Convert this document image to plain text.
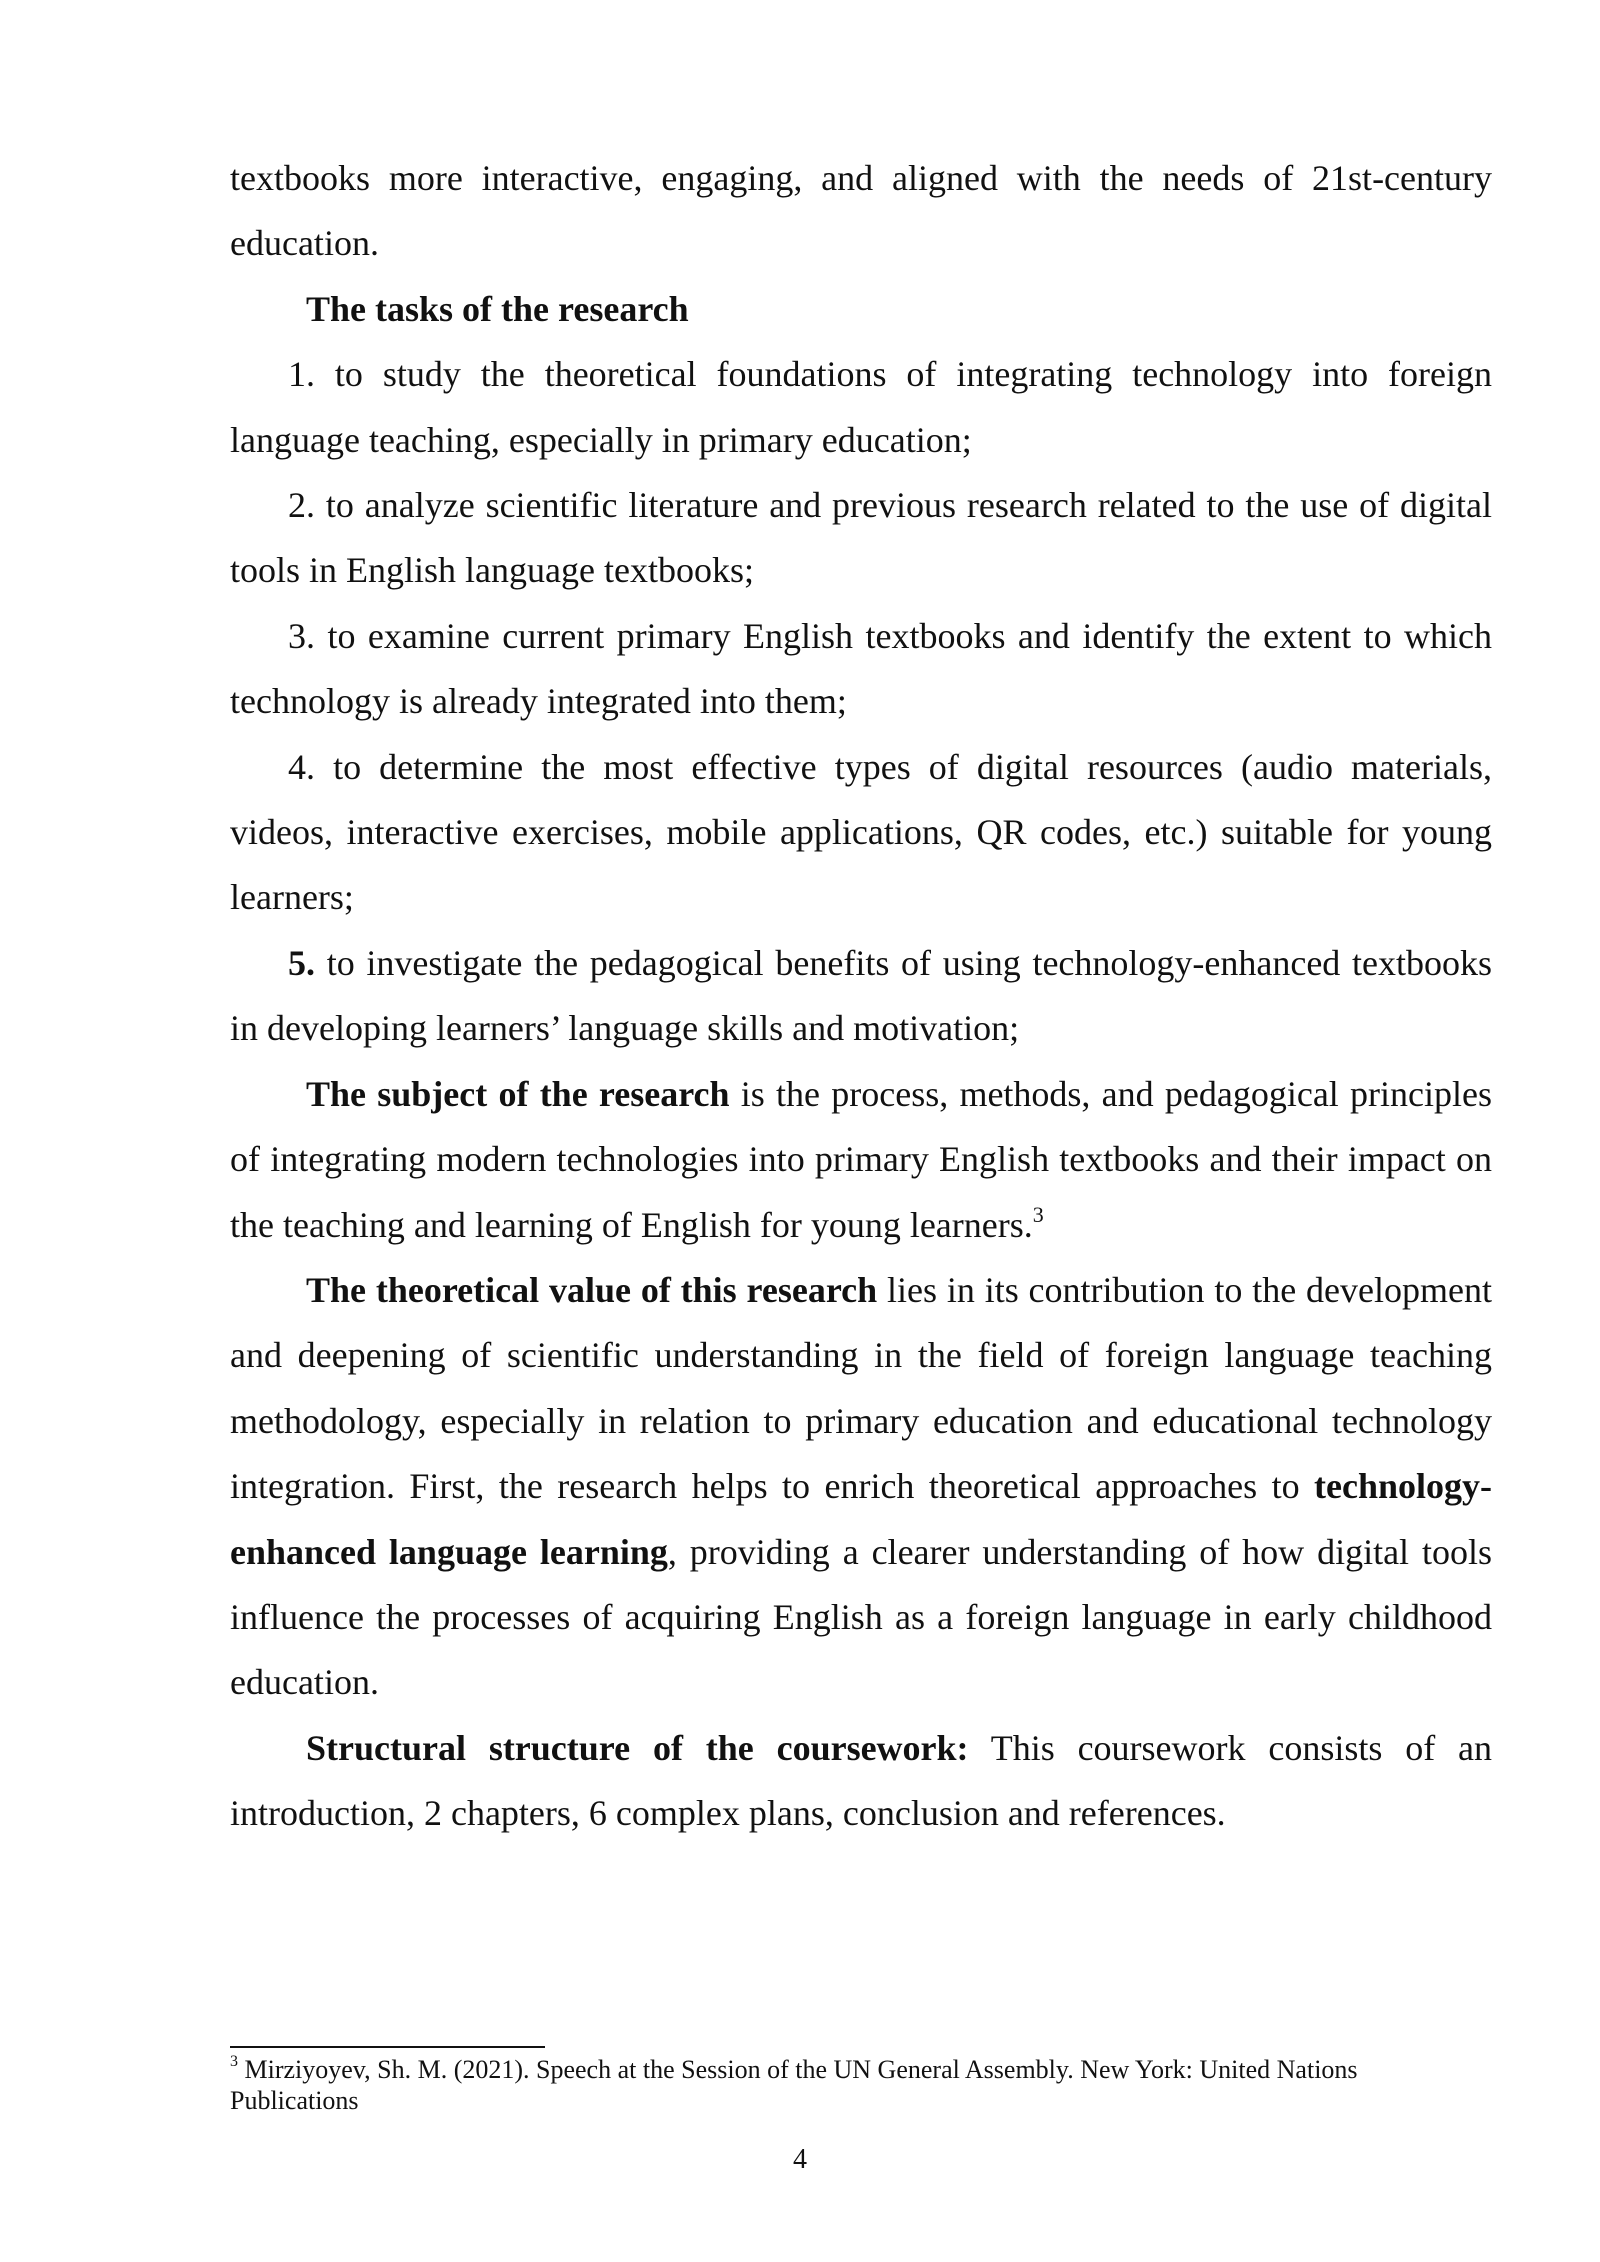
textbooks more interactive, engaging, and aligned with the needs of 21st-century education.

The tasks of the research

1. to study the theoretical foundations of integrating technology into foreign language teaching, especially in primary education;

2. to analyze scientific literature and previous research related to the use of digital tools in English language textbooks;

3. to examine current primary English textbooks and identify the extent to which technology is already integrated into them;

4. to determine the most effective types of digital resources (audio materials, videos, interactive exercises, mobile applications, QR codes, etc.) suitable for young learners;

5. to investigate the pedagogical benefits of using technology-enhanced textbooks in developing learners’ language skills and motivation;

The subject of the research is the process, methods, and pedagogical principles of integrating modern technologies into primary English textbooks and their impact on the teaching and learning of English for young learners.$^3$

The theoretical value of this research lies in its contribution to the development and deepening of scientific understanding in the field of foreign language teaching methodology, especially in relation to primary education and educational technology integration. First, the research helps to enrich theoretical approaches to technology-enhanced language learning, providing a clearer understanding of how digital tools influence the processes of acquiring English as a foreign language in early childhood education.

Structural structure of the coursework: This coursework consists of an introduction, 2 chapters, 6 complex plans, conclusion and references.

$^3$ Mirziyoyev, Sh. M. (2021). Speech at the Session of the UN General Assembly. New York: United Nations Publications
4
